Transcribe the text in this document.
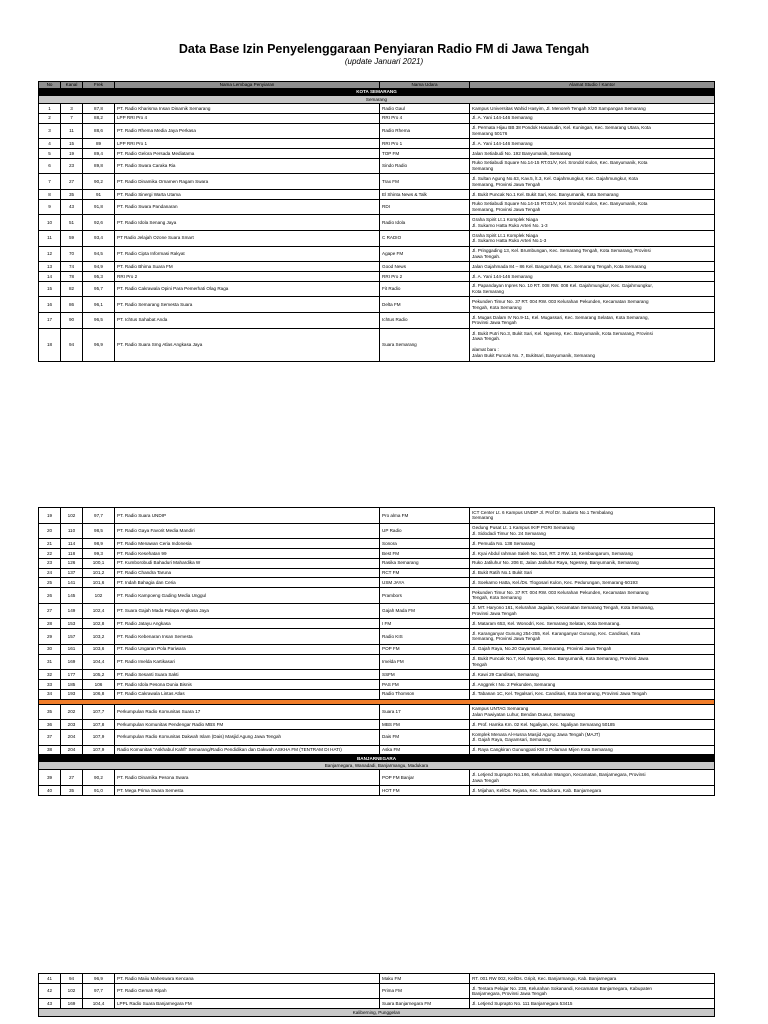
Data Base Izin Penyelenggaraan Penyiaran Radio FM di Jawa Tengah
(update Januari 2021)
No	Kanal	Frek	Nama Lembaga Penyiaran	Nama Udara	Alamat Studio / Kantor
KOTA SEMARANG					
Semarang					
1	3	87,8	PT. Radio Kharisma Insan Dinamik Semarang	Radio Gaul	Kampus Universitas Wahid Hasyim, Jl. Menoreh Tengah X/20 Sampangan Semarang

2	7	88,2	LPP RRI Pro 4	RRI Pro 4	Jl. A. Yani 144-146 Semarang

3	11	88,6	PT. Radio Rhema Media Jaya Perkasa	Radio Rhema	Jl. Permata Hijau BB 38 Pondok Hasanudin, Kel. Kuningan, Kec. Semarang Utara, Kota
Semarang 50176

4	15	89	LPP RRI Pro 1	RRI Pro 1	Jl. A. Yani 144-146 Semarang

5	19	89,4	PT. Radio Gelora Persada Mediatama	TOP FM	Jalan Setiabudi No. 192 Banyumanik, Semarang

6	23	89,8	PT. Radio Swara Caraka Ria	Sindo Radio	Ruko Setiabudi Square No.14-15 RT.01/V, Kel. Srondol Kulon, Kec. Banyumanik, Kota
Semarang

7	27	90,2	PT. Radio Dinamika Ornamen Ragam Swara	Trax FM	Jl. Sultan Agung No.63, Kav.5, lt.3, Kel. Gajahmungkur, Kec. Gajahmungkur, Kota
Semarang, Provinsi Jawa Tengah

8	35	91	PT. Radio Sinergi Warta Utama	El Shinta News & Talk	Jl. Bukit Puncak No.1 Kel. Bukit Sari, Kec. Banyumanik, Kota Semarang

9	43	91,8	PT. Radio Swara Pandanaran	RDI	Ruko Setiabudi Square No.14-15 RT.01/V, Kel. Srondol Kulon, Kec. Banyumanik, Kota
Semarang, Provinsi Jawa Tengah

10	51	92,6	PT. Radio Idola Senang Jaya	Radio Idola	Graha Spirit Lt.1 Komplek Niaga
Jl. Sukarno Hatta Ruko Arteri No. 1-3

11	59	93,4	PT Radio Jelajah Ozone Suara Smart	C RADIO	Graha Spirit Lt.1 Komplek Niaga
Jl. Sukarno Hatta Ruko Arteri No.1-3

12	70	94,5	PT. Radio Cipta Informasi Rakyat	Agape FM	Jl. Pringgading 13, Kel. Brumbungan, Kec. Semarang Tengah, Kota Semarang, Provinsi
Jawa Tengah.

13	74	94,9	PT. Radio Bhima Suara FM	Good News	Jalan Gajahmada 84 – 86 Kel. Bangunharjo, Kec. Semarang Tengah, Kota Semarang

14	78	95,3	RRI Pro 2	RRI Pro 2	Jl. A. Yani 144-146 Semarang

15	82	95,7	PT. Radio Cakrawala Opini Para Pemerhati Olag Raga	Fit Radio	Jl. Papandayan Inpres No. 10 RT. 008 RW. 008 Kel. Gajahmungkur, Kec. Gajahmungkur,
Kota Semarang

16	86	96,1	PT. Radio Semarang Semesta Suara	Delta FM	Pekunden Timur No. 37 RT. 004 RW. 003 Kelurahan Pekunden, Kecamatan Semarang
Tengah, Kota Semarang

17	90	96,5	PT. Ichtus Sahabat Anda	Ichtus Radio	Jl. Mugas Dalam IV No.9-11, Kel. Mugassari, Kec. Semarang Selatan, Kota Semarang,
Provinsi Jawa Tengah

18	94	96,9	PT. Radio Suara Smg Atlas Angkasa Jaya	Suara Semarang	Jl. Bukit Putri No.3, Bukit Sari, Kel. Ngesrep, Kec. Banyumanik, Kota Semarang, Provinsi
Jawa Tengah.

alamat baru :
Jalan Bukit Puncak No. 7, Bukitsari, Banyumanik, Semarang
19	102	97,7	PT. Radio Suara UNDIP	Pro alma FM	ICT Center Lt. 6 Kampus UNDIP Jl. Prof Dr. Sudarto No.1 Tembalang
Semarang

20	110	98,5	PT. Radio Gaya Favorit Media Mandiri	UP Radio	Gedung Pusat Lt. 1 Kampus IKIP PGRI Semarang
Jl. Sidodadi Timur No. 24 Semarang

21	114	98,9	PT. Radio Menawan Ceria Indonesia	Sonora	Jl. Pemuda No. 138 Semarang

22	118	99,3	PT. Radio Kesehatan 99	Best FM	Jl. Kyai Abdul rahman Saleh No. 514, RT. 2 RW. 10, Kembangarum, Semarang

23	126	100,1	PT. Kumborobudi Bahaduri Mahardika W	Rasika Semarang	Ruko Jatiluhur No. 206 E, Jalan Jatiluhur Raya, Ngesrep, Banyumanik, Semarang

24	137	101,2	PT. Radio Chandra Taruna	RCT FM	Jl. Bukit Ratih No.1 Bukit Sari

25	141	101,6	PT. Indah Bahagia dan Ceria	USM JAYA	Jl. Soekarno Hatta, Kel./Ds. Tlogosari Kulon, Kec. Pedurungan, Semarang-50193

26	145	102	PT. Radio Kampoeng Gading Media Unggul	Prambors	Pekunden Timur No. 37 RT. 004 RW. 003 Kelurahan Pekunden, Kecamatan Semarang
Tengah, Kota Semarang

27	149	102,4	PT. Suara Gajah Mada Palapa Angkasa Jaya	Gajah Mada FM	Jl. MT. Haryono 161, Kelurahan Jagalan, Kecamatan Semarang Tengah, Kota Semarang,
Provinsi Jawa Tengah

28	153	102,8	PT. Radio Jatayu Angkasa	I FM	Jl. Mataram 653, Kel. Wonodri, Kec. Semarang Selatan, Kota Semarang.

29	157	103,2	PT. Radio Kebenaran Insan Semesta	Radio KIS	Jl. Karanganyar Gunung 254-255, Kel. Karanganyar Gunung, Kec. Candisari, Kota
Semarang, Provinsi Jawa Tengah

30	161	103,6	PT. Radio Ungaran Pola Pariwara	POP FM	Jl. Gajah Raya, No.20 Gayamsari, Semarang, Provinsi Jawa Tengah

31	169	104,4	PT. Radio Imelda Kartikasari	Imelda FM	Jl. Bukit Puncak No.7, Kel. Ngesrep, Kec. Banyumanik, Kota Semarang, Provinsi Jawa
Tengah

32	177	105,2	PT. Radio Sesanti Suara Sakti	SSFM	Jl. Kawi 29 Candisari, Semarang

33	185	106	PT. Radio Idola Pesona Dunia Bisnis	PAS FM	Jl. Anggrek I No. 2 Pekunden, Semarang

34	193	106,8	PT. Radio Cakrawala Lintas Atlas	Radio Thomson	Jl. Tabanan 1C, Kel. Tegalsari, Kec. Candisari, Kota Semarang, Provinsi Jawa Tengah

35	202	107,7	Perkumpulan Radio Komunitas Suara 17	Suara 17	Kampus UNTAG Semarang
Jalan Pawiyatan Luhur, Bendan Duwur, Semarang

36	203	107,8	Perkumpulan Komunitas Pendengar Radio MBS FM	MBS FM	Jl. Prof. Hamka Km. 02 Kel. Ngaliyan, Kec. Ngaliyan Semarang 50185

37	204	107,9	Perkumpulan Radio Komunitas Dakwah Islam (Dais) Masjid Agung Jawa Tengah	Dais FM	Komplek Menara Al-Husna Masjid Agung Jawa Tengah (MAJT)
Jl. Gajah Raya, Gayamsari, Semarang

38	204	107,9	Radio Komunitas "Askhabul Kahfi" Semarang/Radio Pendidikan dan Dakwah ASKHA FM (TENTRAM DI HATI)	Aska FM	Jl. Raya Cangkiran Gunungpati KM 3 Polaman Mijen Kota Semarang

BANJARNEGARA					
Banjarnegara, Wanadadi, Banjarmangu, Madukara					
39	27	90,2	PT. Radio Dinamika Pesona Swara	POP FM Banjar	Jl. Letjend Suprapto No.166, Kelurahan Wangon, Kecamatan, Banjarnegara, Provinsi
Jawa Tengah

40	35	91,0	PT. Mega Prima Swara Semesta	HOT FM	Jl. Mijahan, Kel/Ds. Rejasa, Kec. Madukara, Kab. Banjarnegara
41	94	96,9	PT. Radio Maiiu Maheswara Kencana	Maku FM	RT. 001 RW 002, Kel/Ds. Gripit, Kec. Banjarmangu, Kab. Banjarnegara

42	102	97,7	PT. Radio Gemah Ripah	Prima FM	Jl. Tentara Pelajar No. 238, Kelurahan Sokanandi, Kecamatan Banjarnegara, Kabupaten
Banjarnegara, Provinsi Jawa Tengah

43	169	104,4	LPPL Radio Suara Banjarnegara FM	Suara Banjarnegara FM	Jl. Letjend Suprapto No. 111 Banjarnegara 53415

Kaliberning, Punggelan					
